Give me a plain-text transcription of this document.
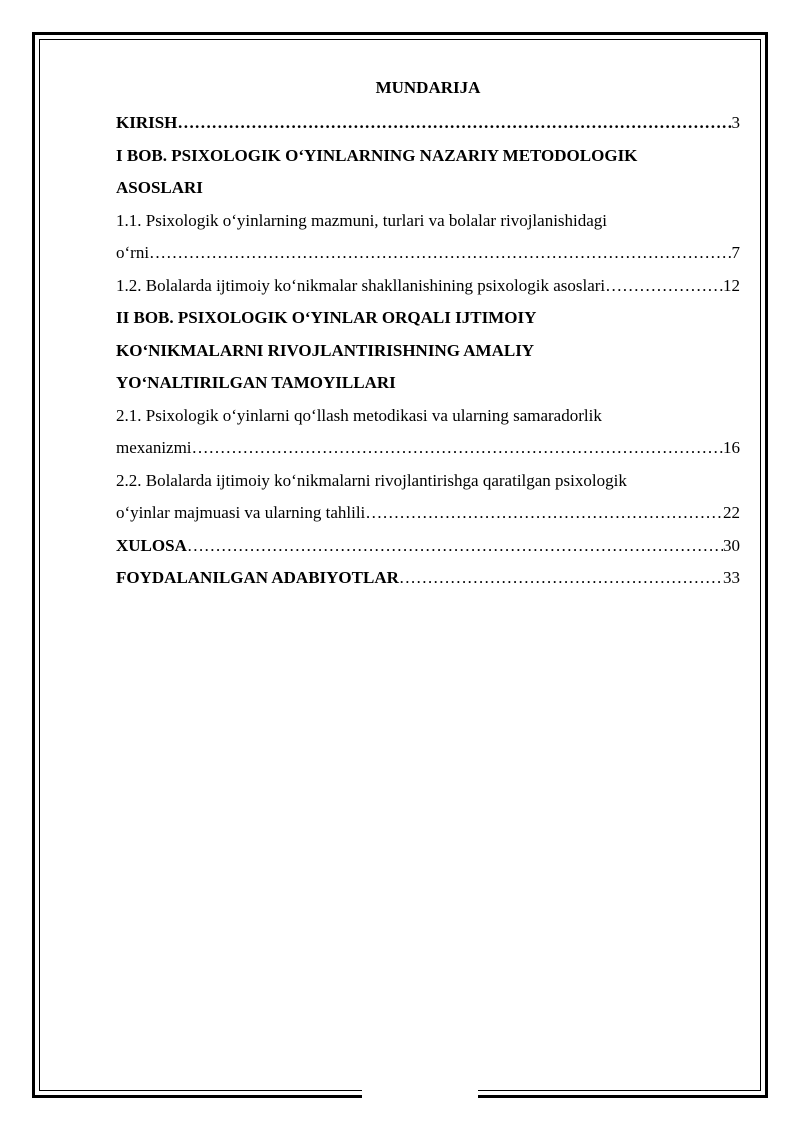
MUNDARIJA
KIRISH ……………………………………………………………………………………………………………………………………………………………………	3
I BOB. PSIXOLOGIK O‘YINLARNING NAZARIY METODOLOGIK
ASOSLARI
1.1. Psixologik o‘yinlarning mazmuni, turlari va bolalar rivojlanishidagi
o‘rni ……………………………………………………………………………………………………………………………………………………………………	7
1.2. Bolalarda ijtimoiy ko‘nikmalar shakllanishining psixologik asoslari ……………………………………………………………………………………………………………………………………………………………………	12
II BOB. PSIXOLOGIK O‘YINLAR ORQALI IJTIMOIY
KO‘NIKMALARNI RIVOJLANTIRISHNING AMALIY
YO‘NALTIRILGAN TAMOYILLARI
2.1. Psixologik o‘yinlarni qo‘llash metodikasi va ularning samaradorlik
mexanizmi ……………………………………………………………………………………………………………………………………………………………………	16
2.2. Bolalarda ijtimoiy ko‘nikmalarni rivojlantirishga qaratilgan psixologik
o‘yinlar majmuasi va ularning tahlili ……………………………………………………………………………………………………………………………………………………………………	22
XULOSA ……………………………………………………………………………………………………………………………………………………………………	30
FOYDALANILGAN ADABIYOTLAR ……………………………………………………………………………………………………………………………………………………………………	33
